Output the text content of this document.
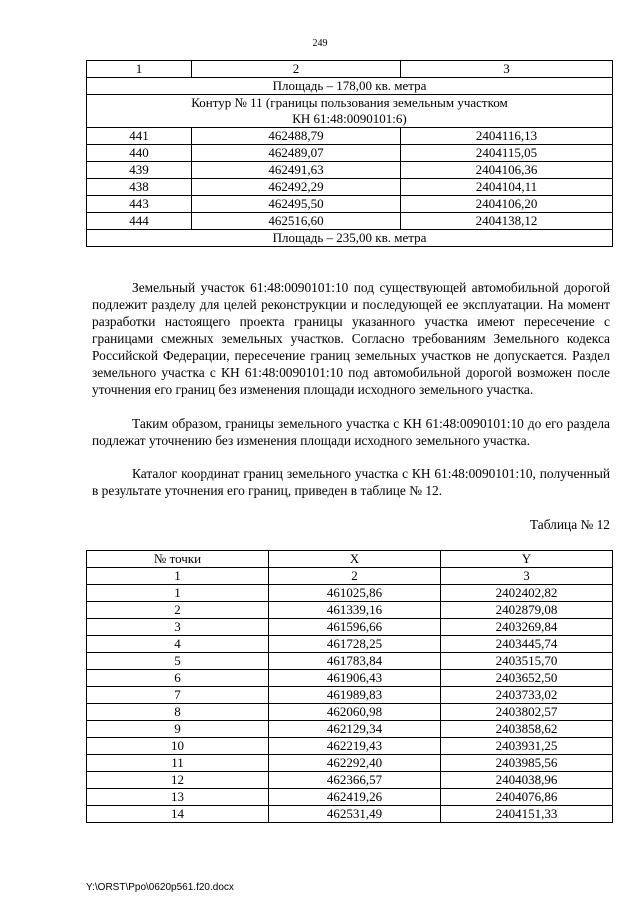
249
1	2	3
Площадь – 178,00 кв. метра		
Контур № 11 (границы пользования земельным участком
КН 61:48:0090101:6)		
441	462488,79	2404116,13
440	462489,07	2404115,05
439	462491,63	2404106,36
438	462492,29	2404104,11
443	462495,50	2404106,20
444	462516,60	2404138,12
Площадь – 235,00 кв. метра		

Земельный участок 61:48:0090101:10 под существующей автомобильной дорогой подлежит разделу для целей реконструкции и последующей ее эксплуатации. На момент разработки настоящего проекта границы указанного участка имеют пересечение с границами смежных земельных участков. Согласно требованиям Земельного кодекса Российской Федерации, пересечение границ земельных участков не допускается. Раздел земельного участка с КН 61:48:0090101:10 под автомобильной дорогой возможен после уточнения его границ без изменения площади исходного земельного участка.

Таким образом, границы земельного участка с КН 61:48:0090101:10 до его раздела подлежат уточнению без изменения площади исходного земельного участка.

Каталог координат границ земельного участка с КН 61:48:0090101:10, полученный в результате уточнения его границ, приведен в таблице № 12.

Таблица № 12
№ точки	X	Y
1	2	3
1	461025,86	2402402,82
2	461339,16	2402879,08
3	461596,66	2403269,84
4	461728,25	2403445,74
5	461783,84	2403515,70
6	461906,43	2403652,50
7	461989,83	2403733,02
8	462060,98	2403802,57
9	462129,34	2403858,62
10	462219,43	2403931,25
11	462292,40	2403985,56
12	462366,57	2404038,96
13	462419,26	2404076,86
14	462531,49	2404151,33
Y:\ORST\Ppo\0620p561.f20.docx
